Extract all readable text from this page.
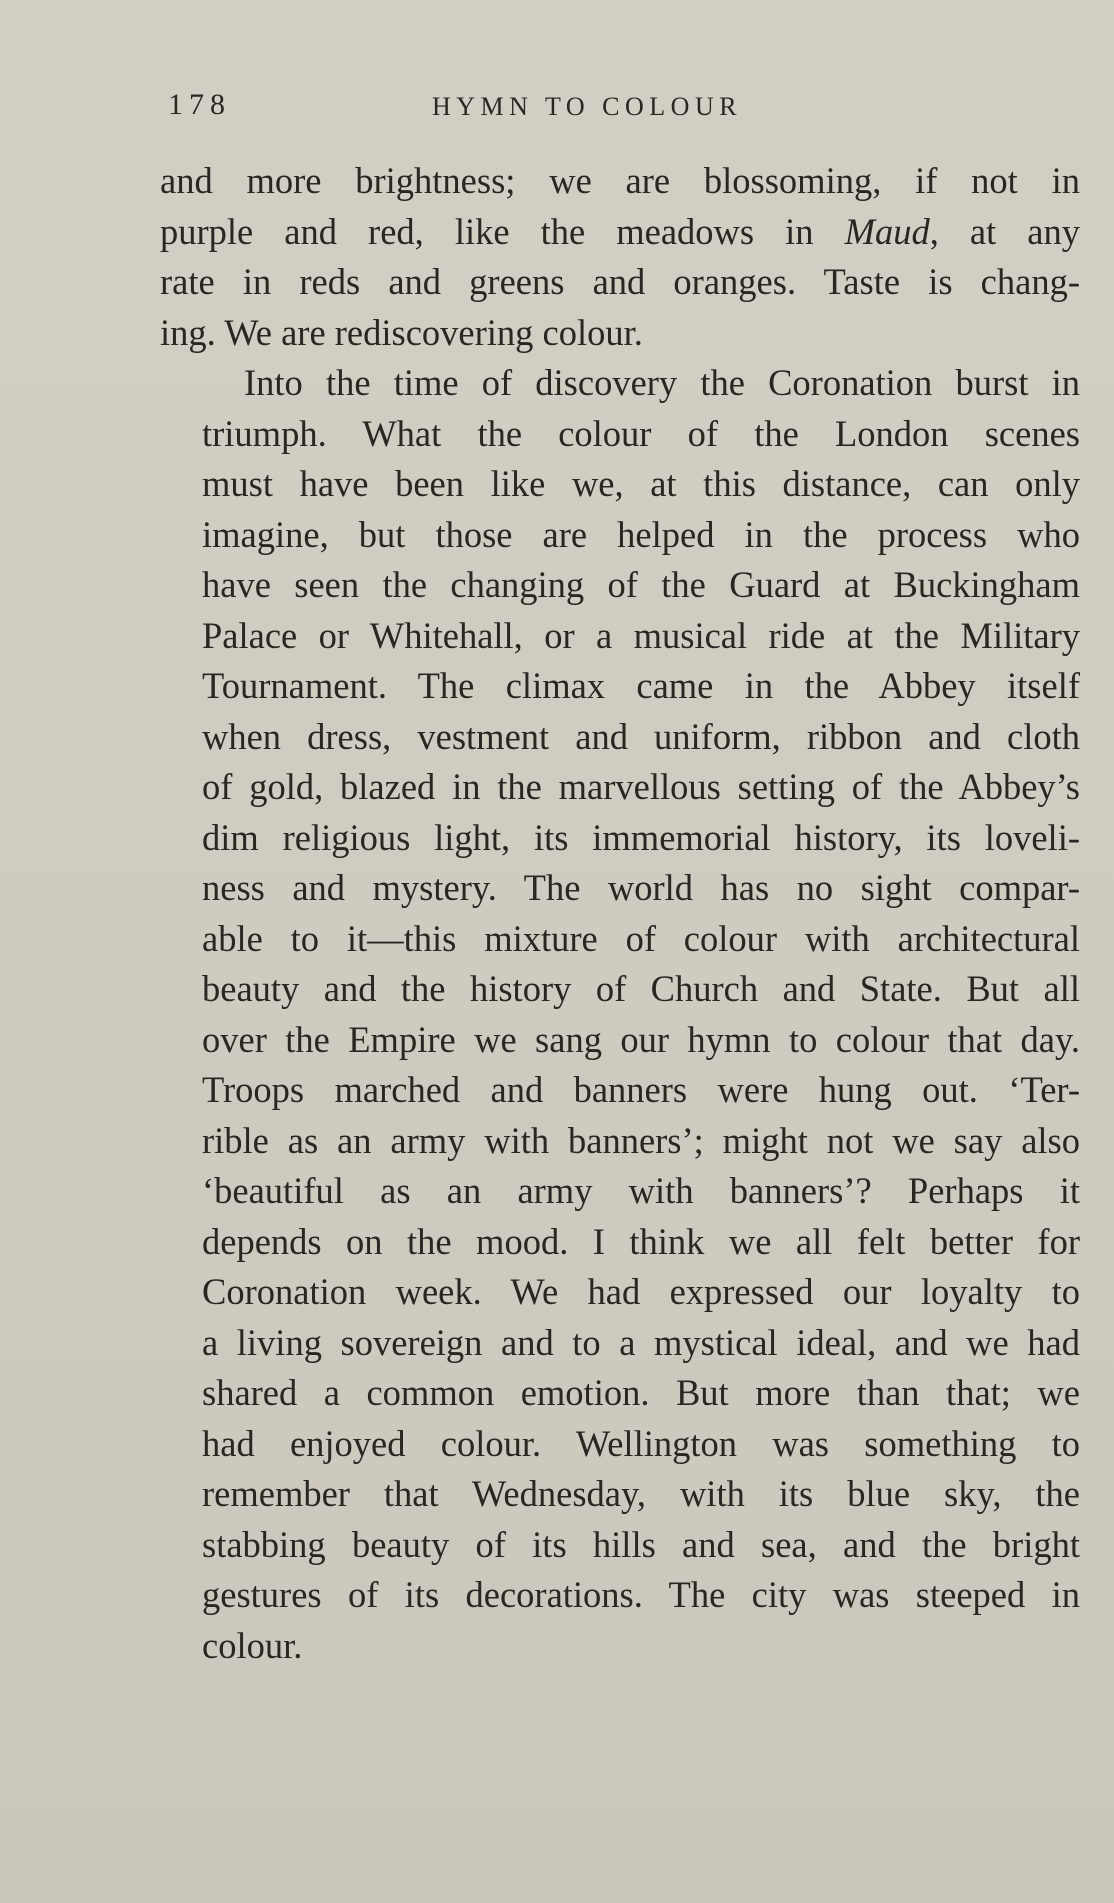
178	HYMN TO COLOUR
and more brightness; we are blossoming, if not in
purple and red, like the meadows in Maud, at any
rate in reds and greens and oranges. Taste is chang-
ing. We are rediscovering colour.
Into the time of discovery the Coronation burst in
triumph. What the colour of the London scenes
must have been like we, at this distance, can only
imagine, but those are helped in the process who
have seen the changing of the Guard at Buckingham
Palace or Whitehall, or a musical ride at the Military
Tournament. The climax came in the Abbey itself
when dress, vestment and uniform, ribbon and cloth
of gold, blazed in the marvellous setting of the Abbey’s
dim religious light, its immemorial history, its loveli-
ness and mystery. The world has no sight compar-
able to it—this mixture of colour with architectural
beauty and the history of Church and State. But all
over the Empire we sang our hymn to colour that day.
Troops marched and banners were hung out. ‘Ter-
rible as an army with banners’; might not we say also
‘beautiful as an army with banners’? Perhaps it
depends on the mood. I think we all felt better for
Coronation week. We had expressed our loyalty to
a living sovereign and to a mystical ideal, and we had
shared a common emotion. But more than that; we
had enjoyed colour. Wellington was something to
remember that Wednesday, with its blue sky, the
stabbing beauty of its hills and sea, and the bright
gestures of its decorations. The city was steeped in
colour.
